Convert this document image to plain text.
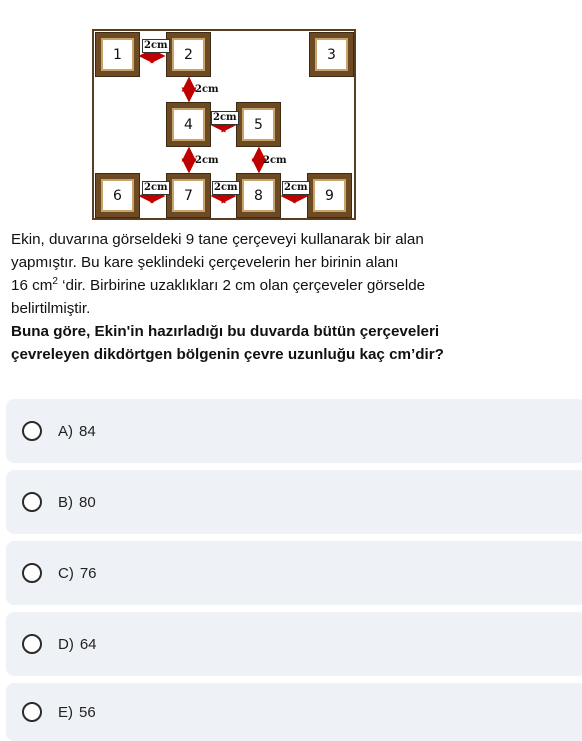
1	2	3
4	5
6	7	8	9
2cm
2cm
2cm
2cm	2cm
2cm	2cm	2cm

Ekin, duvarına görseldeki 9 tane çerçeveyi kullanarak bir alan

yapmıştır. Bu kare şeklindeki çerçevelerin her birinin alanı

16 $cm^2$ ‘dir. Birbirine uzaklıkları 2 cm olan çerçeveler görselde

belirtilmiştir.

Buna göre, Ekin'in hazırladığı bu duvarda bütün çerçeveleri

çevreleyen dikdörtgen bölgenin çevre uzunluğu kaç cm’dir?

A) 84
B) 80
C) 76
D) 64
E) 56
